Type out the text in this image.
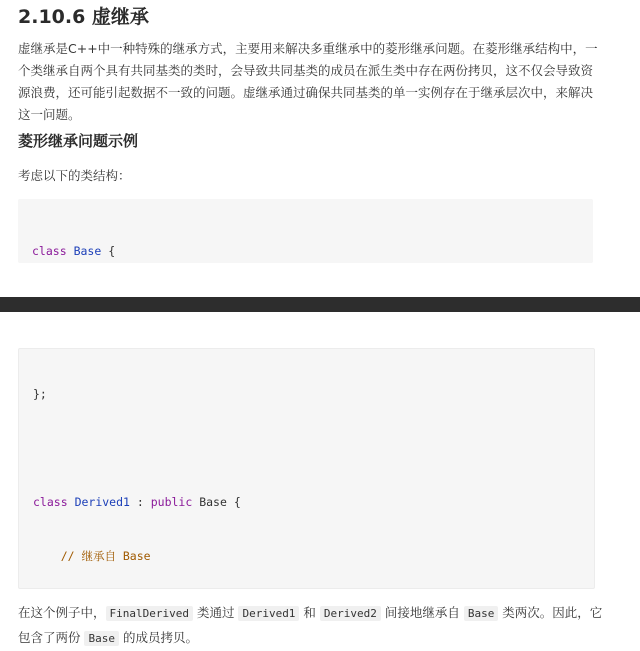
2.10.6 虚继承

虚继承是C++中一种特殊的继承方式，主要用来解决多重继承中的菱形继承问题。在菱形继承结构中，一个类继承自两个具有共同基类的类时，会导致共同基类的成员在派生类中存在两份拷贝，这不仅会导致资源浪费，还可能引起数据不一致的问题。虚继承通过确保共同基类的单一实例存在于继承层次中，来解决这一问题。

菱形继承问题示例

考虑以下的类结构：

class Base {

};

class Derived1 : public Base {

// 继承自 Base

在这个例子中， FinalDerived 类通过 Derived1 和 Derived2 间接地继承自 Base 类两次。因此，它包含了两份 Base 的成员拷贝。
